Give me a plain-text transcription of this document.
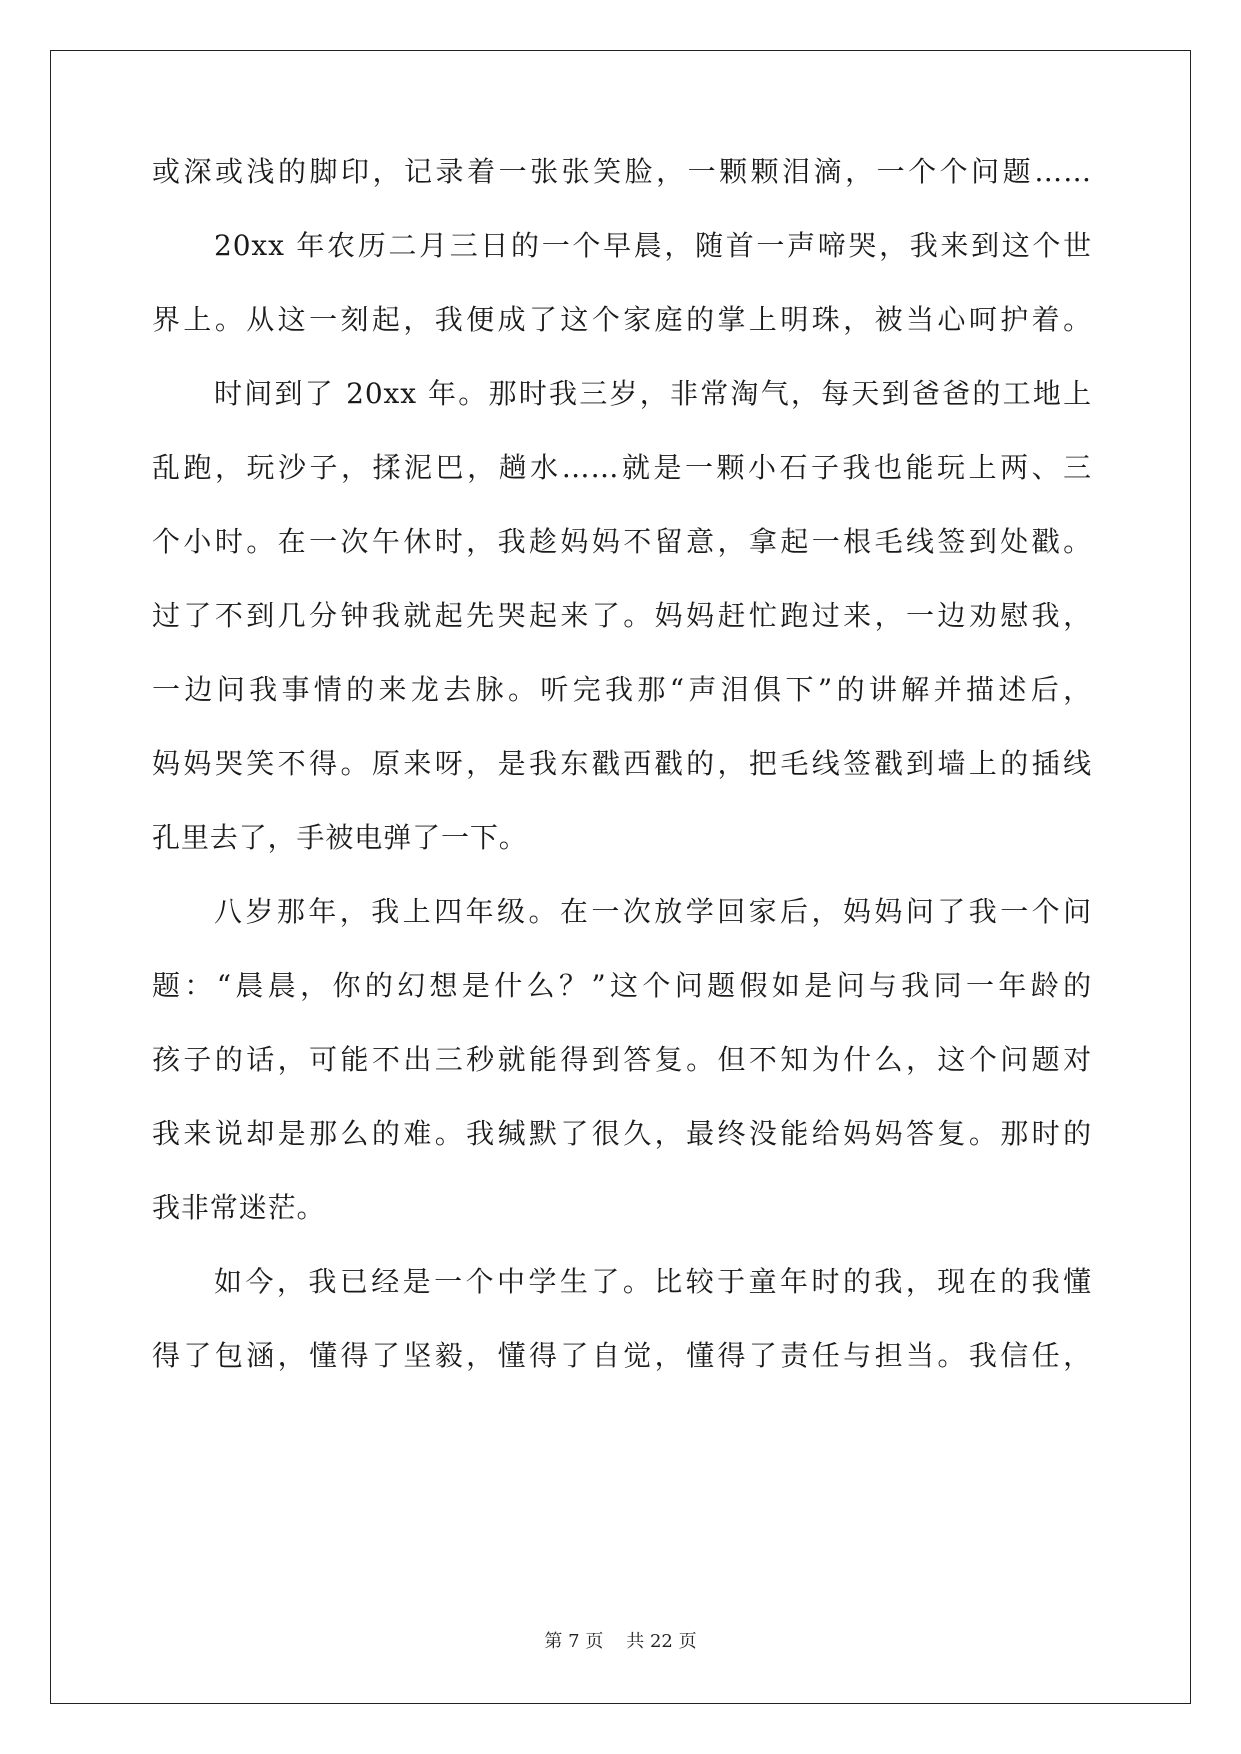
或深或浅的脚印，记录着一张张笑脸，一颗颗泪滴，一个个问题……
20xx 年农历二月三日的一个早晨，随首一声啼哭，我来到这个世
界上。从这一刻起，我便成了这个家庭的掌上明珠，被当心呵护着。
时间到了 20xx 年。那时我三岁，非常淘气，每天到爸爸的工地上
乱跑，玩沙子，揉泥巴，趟水……就是一颗小石子我也能玩上两、三
个小时。在一次午休时，我趁妈妈不留意，拿起一根毛线签到处戳。
过了不到几分钟我就起先哭起来了。妈妈赶忙跑过来，一边劝慰我，
一边问我事情的来龙去脉。听完我那“声泪俱下”的讲解并描述后，
妈妈哭笑不得。原来呀，是我东戳西戳的，把毛线签戳到墙上的插线
孔里去了，手被电弹了一下。
八岁那年，我上四年级。在一次放学回家后，妈妈问了我一个问
题：“晨晨，你的幻想是什么？”这个问题假如是问与我同一年龄的
孩子的话，可能不出三秒就能得到答复。但不知为什么，这个问题对
我来说却是那么的难。我缄默了很久，最终没能给妈妈答复。那时的
我非常迷茫。
如今，我已经是一个中学生了。比较于童年时的我，现在的我懂
得了包涵，懂得了坚毅，懂得了自觉，懂得了责任与担当。我信任，
第 7 页 共 22 页
